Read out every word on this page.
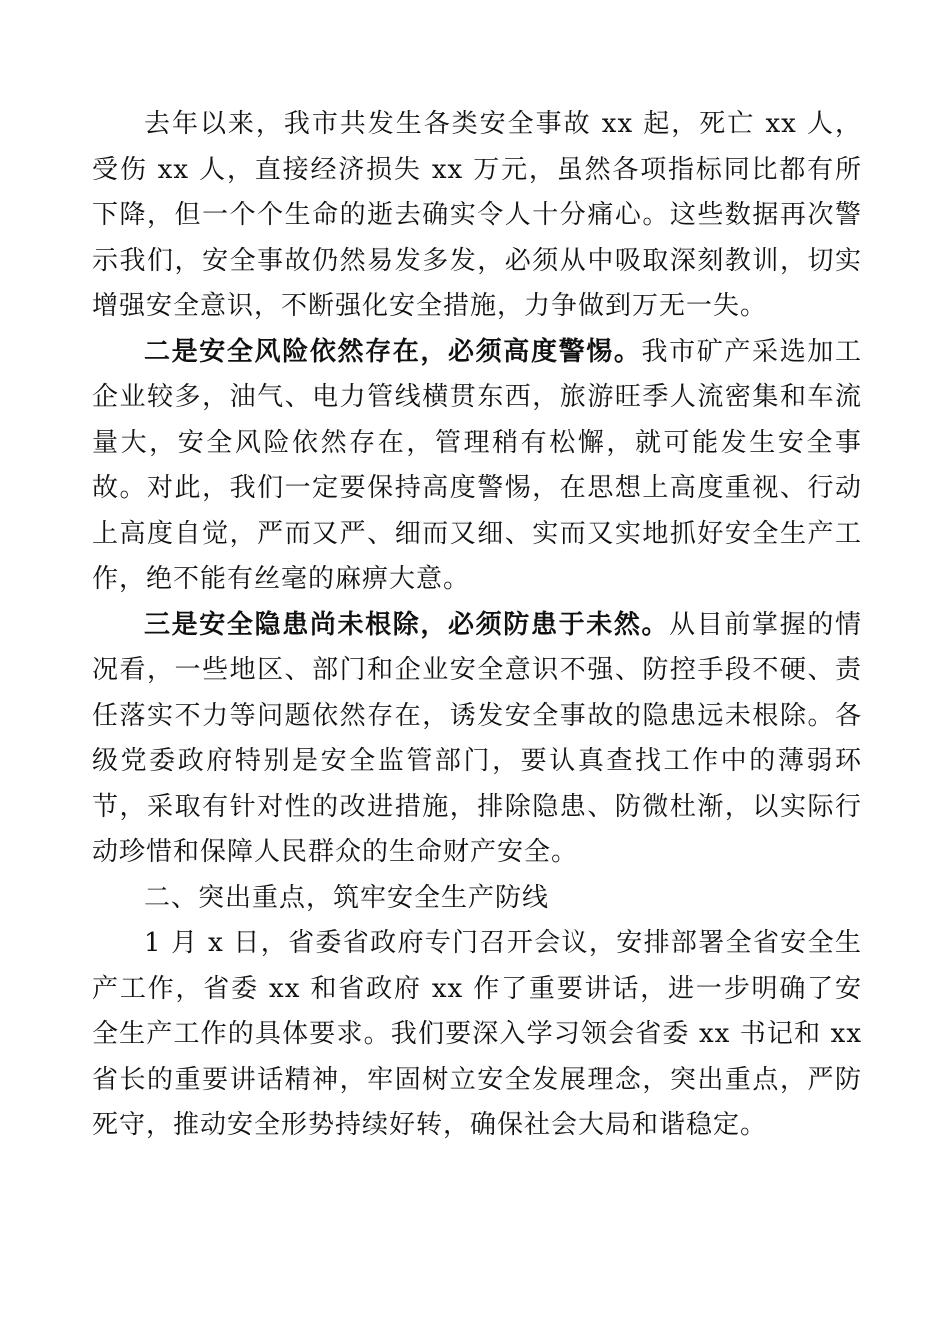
去年以来，我市共发生各类安全事故 xx 起，死亡 xx 人，受伤 xx 人，直接经济损失 xx 万元，虽然各项指标同比都有所下降，但一个个生命的逝去确实令人十分痛心。这些数据再次警示我们，安全事故仍然易发多发，必须从中吸取深刻教训，切实增强安全意识，不断强化安全措施，力争做到万无一失。

二是安全风险依然存在，必须高度警惕。我市矿产采选加工企业较多，油气、电力管线横贯东西，旅游旺季人流密集和车流量大，安全风险依然存在，管理稍有松懈，就可能发生安全事故。对此，我们一定要保持高度警惕，在思想上高度重视、行动上高度自觉，严而又严、细而又细、实而又实地抓好安全生产工作，绝不能有丝毫的麻痹大意。

三是安全隐患尚未根除，必须防患于未然。从目前掌握的情况看，一些地区、部门和企业安全意识不强、防控手段不硬、责任落实不力等问题依然存在，诱发安全事故的隐患远未根除。各级党委政府特别是安全监管部门，要认真查找工作中的薄弱环节，采取有针对性的改进措施，排除隐患、防微杜渐，以实际行动珍惜和保障人民群众的生命财产安全。

二、突出重点，筑牢安全生产防线

1 月 x 日，省委省政府专门召开会议，安排部署全省安全生产工作，省委 xx 和省政府 xx 作了重要讲话，进一步明确了安全生产工作的具体要求。我们要深入学习领会省委 xx 书记和 xx 省长的重要讲话精神，牢固树立安全发展理念，突出重点，严防死守，推动安全形势持续好转，确保社会大局和谐稳定。
